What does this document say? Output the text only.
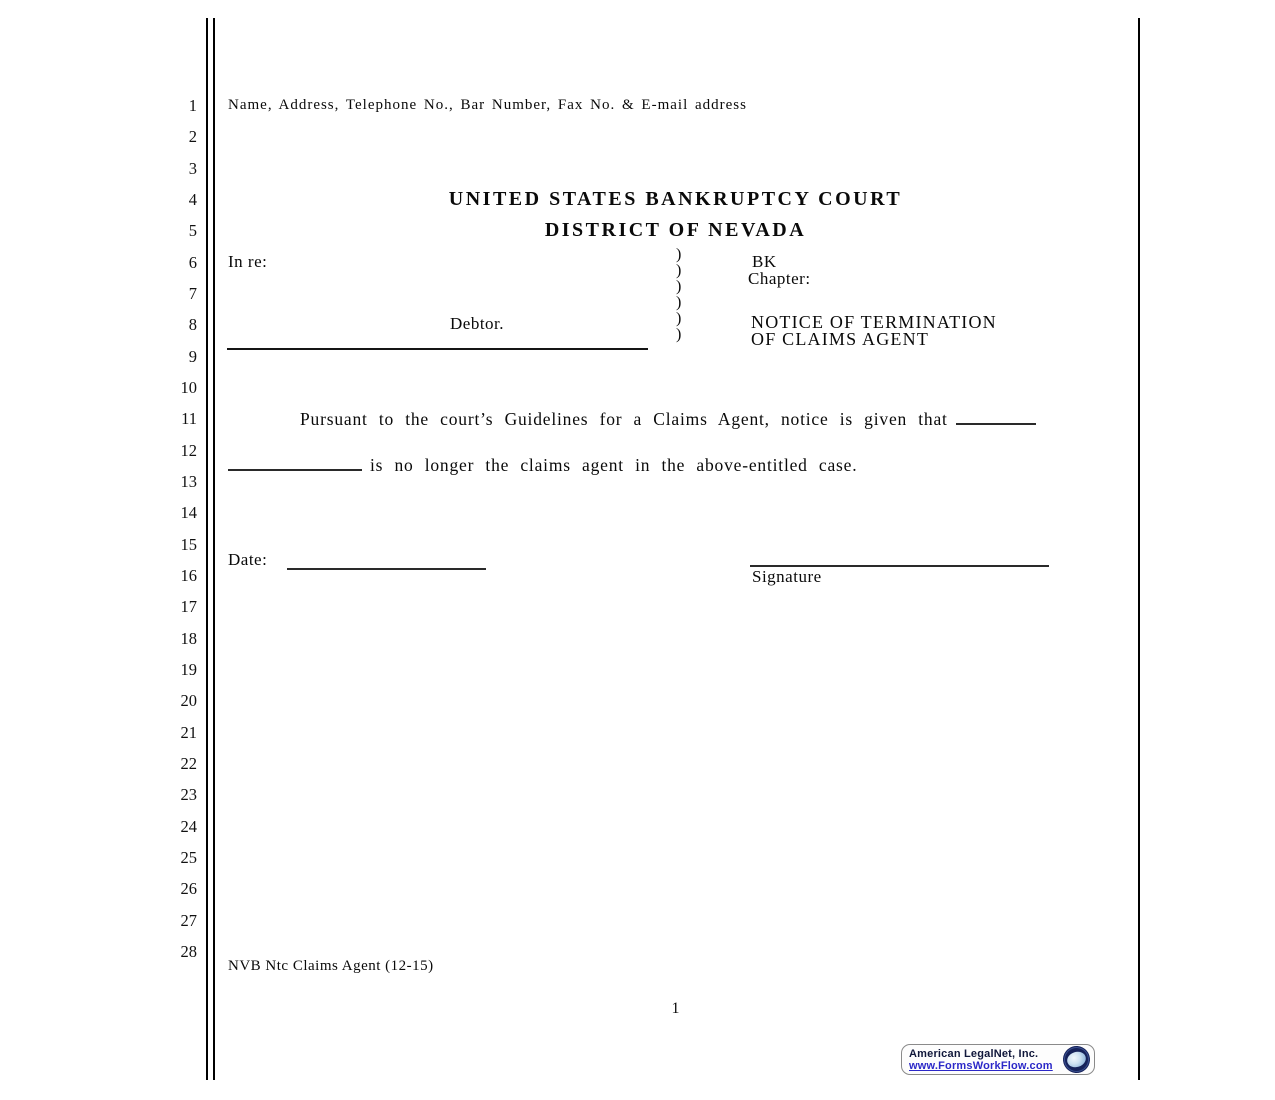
1
2
3
4
5
6
7
8
9
10
11
12
13
14
15
16
17
18
19
20
21
22
23
24
25
26
27
28
Name, Address, Telephone No., Bar Number, Fax No. & E-mail address
UNITED STATES BANKRUPTCY COURT
DISTRICT OF NEVADA
In re:	)
)
)
)
)
)
BK
Chapter:
Debtor.	NOTICE OF TERMINATION
OF CLAIMS AGENT
Pursuant to the court’s Guidelines for a Claims Agent, notice is given that
is no longer the claims agent in the above-entitled case.
Date:
Signature
NVB Ntc Claims Agent (12-15)
1
American LegalNet, Inc.
www.FormsWorkFlow.com
